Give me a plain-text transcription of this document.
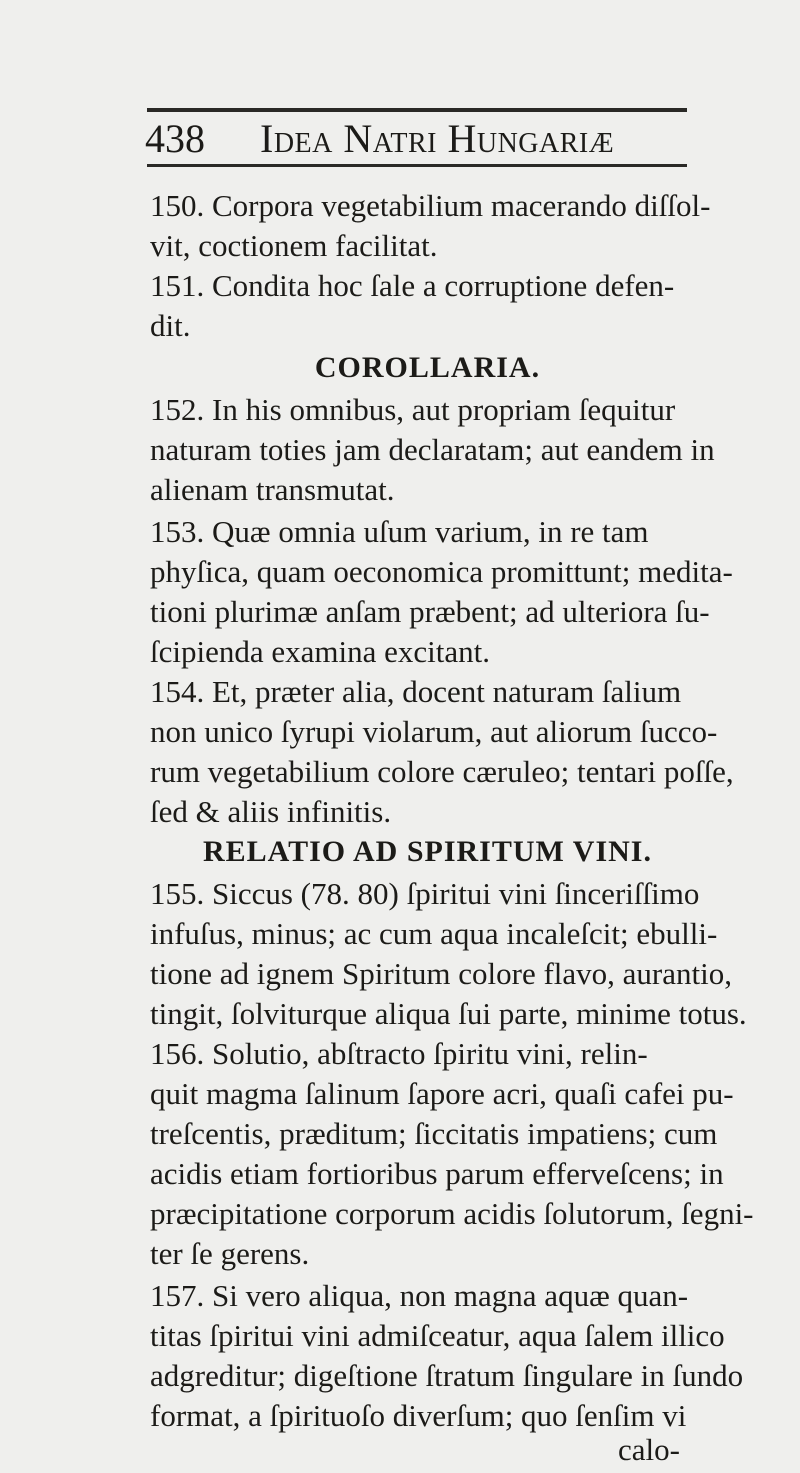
438 Idea Natri Hungariæ
150. Corpora vegetabilium macerando diſſol-
vit, coctionem facilitat.
151. Condita hoc ſale a corruptione defen-
dit.
COROLLARIA.
152. In his omnibus, aut propriam ſequitur
naturam toties jam declaratam; aut eandem in
alienam transmutat.
153. Quæ omnia uſum varium, in re tam
phyſica, quam oeconomica promittunt; medita-
tioni plurimæ anſam præbent; ad ulteriora ſu-
ſcipienda examina excitant.
154. Et, præter alia, docent naturam ſalium
non unico ſyrupi violarum, aut aliorum ſucco-
rum vegetabilium colore cæruleo; tentari poſſe,
ſed & aliis infinitis.
RELATIO AD SPIRITUM VINI.
155. Siccus (78. 80) ſpiritui vini ſinceriſſimo
infuſus, minus; ac cum aqua incaleſcit; ebulli-
tione ad ignem Spiritum colore flavo, aurantio,
tingit, ſolviturque aliqua ſui parte, minime totus.
156. Solutio, abſtracto ſpiritu vini, relin-
quit magma ſalinum ſapore acri, quaſi cafei pu-
treſcentis, præditum; ſiccitatis impatiens; cum
acidis etiam fortioribus parum efferveſcens; in
præcipitatione corporum acidis ſolutorum, ſegni-
ter ſe gerens.
157. Si vero aliqua, non magna aquæ quan-
titas ſpiritui vini admiſceatur, aqua ſalem illico
adgreditur; digeſtione ſtratum ſingulare in ſundo
format, a ſpirituoſo diverſum; quo ſenſim vi
calo-
